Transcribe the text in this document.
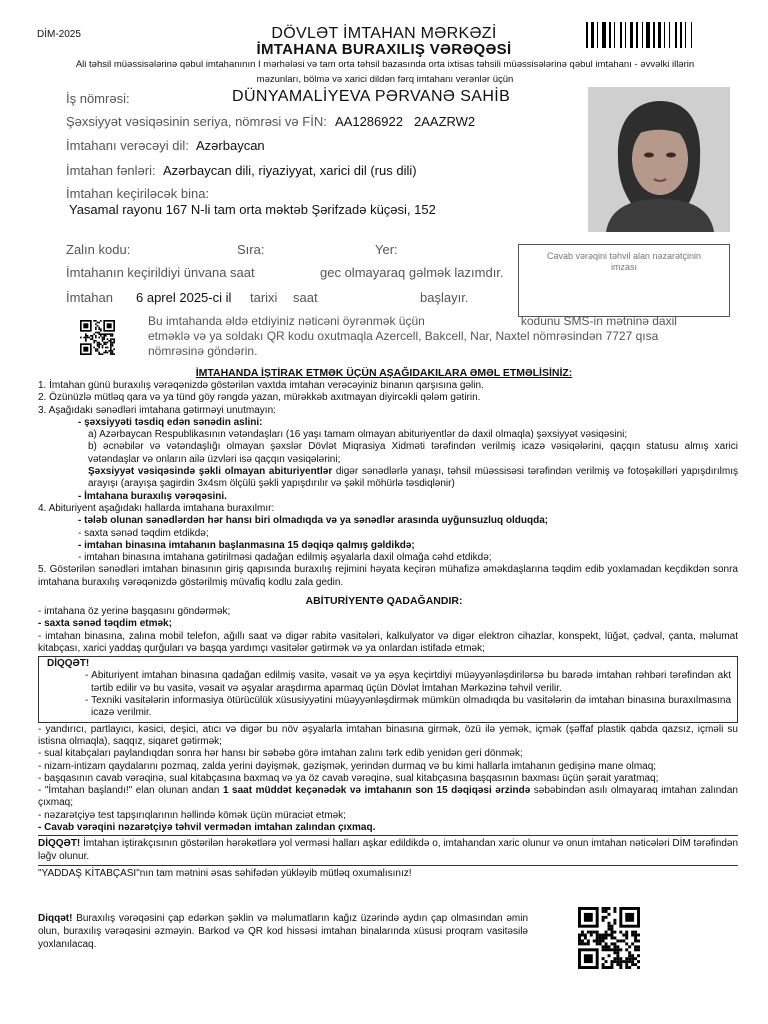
DİM-2025	DÖVLƏT İMTAHAN MƏRKƏZİ
İMTAHANA BURAXILIŞ VƏRƏQƏSİ
Ali təhsil müəssisələrinə qəbul imtahanının I mərhələsi və tam orta təhsil bazasında orta ixtisas təhsili müəssisələrinə qəbul imtahanı - əvvəlki illərin məzunları, bölmə və xarici dildən fərq imtahanı verənlər üçün
İş nömrəsi:	DÜNYAMALİYEVA PƏRVANƏ SAHİB
Şəxsiyyət vəsiqəsinin seriya, nömrəsi və FİN: AA1286922 2AAZRW2
İmtahanı verəcəyi dil: Azərbaycan
İmtahan fənləri: Azərbaycan dili, riyaziyyat, xarici dil (rus dili)
İmtahan keçiriləcək bina:
Yasamal rayonu 167 N-li tam orta məktəb Şərifzadə küçəsi, 152
Zalın kodu:	Sıra:	Yer:	Cavab vərəqini təhvil alan nəzarətçinin imzası
İmtahanın keçirildiyi ünvana saat	gec olmayaraq gəlmək lazımdır.
İmtahan 6 aprel 2025-ci il tarixi saat	başlayır.
Bu imtahanda əldə etdiyiniz nəticəni öyrənmək üçün	kodunu SMS-in mətninə daxil
etməklə və ya soldakı QR kodu oxutmaqla Azercell, Bakcell, Nar, Naxtel nömrəsindən 7727 qısa
nömrəsinə göndərin.
İMTAHANDA İŞTİRAK ETMƏK ÜÇÜN AŞAĞIDAKILARA ƏMƏL ETMƏLİSİNİZ:

1. İmtahan günü buraxılış vərəqənizdə göstərilən vaxtda imtahan verəcəyiniz binanın qarşısına gəlin.

2. Özünüzlə mütləq qara və ya tünd göy rəngdə yazan, mürəkkəb axıtmayan diyircəkli qələm gətirin.

3. Aşağıdakı sənədləri imtahana gətirməyi unutmayın:

- şəxsiyyəti təsdiq edən sənədin aslini:

a) Azərbaycan Respublikasının vətəndaşları (16 yaşı tamam olmayan abituriyentlər də daxil olmaqla) şəxsiyyət vəsiqəsini;

b) əcnəbilər və vətəndaşlığı olmayan şəxslər Dövlət Miqrasiya Xidməti tərəfindən verilmiş icazə vəsiqələrini, qaçqın statusu almış xarici vətəndaşlar və onların ailə üzvləri isə qaçqın vəsiqələrini;

Şəxsiyyət vəsiqəsində şəkli olmayan abituriyentlər digər sənədlərlə yanaşı, təhsil müəssisəsi tərəfindən verilmiş və fotoşəkilləri yapışdırılmış arayışı (arayışa şagirdin 3x4sm ölçülü şəkli yapışdırılır və şəkil möhürlə təsdiqlənir)

- İmtahana buraxılış vərəqəsini.

4. Abituriyent aşağıdakı hallarda imtahana buraxılmır:

- tələb olunan sənədlərdən hər hansı biri olmadıqda və ya sənədlər arasında uyğunsuzluq olduqda;

- saxta sənəd təqdim etdikdə;

- imtahan binasına imtahanın başlanmasına 15 dəqiqə qalmış gəldikdə;

- imtahan binasına imtahana gətirilməsi qadağan edilmiş əşyalarla daxil olmağa cəhd etdikdə;

5. Göstərilən sənədləri imtahan binasının giriş qapısında buraxılış rejimini həyata keçirən mühafizə əməkdaşlarına təqdim edib yoxlamadan keçdikdən sonra imtahana buraxılış vərəqənizdə göstərilmiş müvafiq kodlu zala gedin.

ABİTURİYENTƏ QADAĞANDIR:

- imtahana öz yerinə başqasını göndərmək;

- saxta sənəd təqdim etmək;

- imtahan binasına, zalına mobil telefon, ağıllı saat və digər rabitə vasitələri, kalkulyator və digər elektron cihazlar, konspekt, lüğət, çədvəl, çanta, məlumat kitabçası, xarici yaddaş qurğuları və başqa yardımçı vasitələr gətirmək və ya onlardan istifadə etmək;

DİQQƏT!

- Abituriyent imtahan binasına qadağan edilmiş vasitə, vəsait və ya əşya keçirtdiyi müəyyənləşdirilərsə bu barədə imtahan rəhbəri tərəfindən akt tərtib edilir və bu vasitə, vəsait və əşyalar araşdırma aparmaq üçün Dövlət İmtahan Mərkəzinə təhvil verilir.

- Texniki vasitələrin informasiya ötürücülük xüsusiyyətini müəyyənləşdirmək mümkün olmadıqda bu vasitələrin də imtahan binasına buraxılmasına icazə verilmir.

- yandırıcı, partlayıcı, kəsici, deşici, atıcı və digər bu növ əşyalarla imtahan binasına girmək, özü ilə yemək, içmək (şəffaf plastik qabda qazsız, içməli su istisna olmaqla), saqqız, siqaret gətirmək;

- sual kitabçaları paylandıqdan sonra hər hansı bir səbəbə görə imtahan zalını tərk edib yenidən geri dönmək;

- nizam-intizam qaydalarını pozmaq, zalda yerini dəyişmək, gəzişmək, yerindən durmaq və bu kimi hallarla imtahanın gedişinə mane olmaq;

- başqasının cavab vərəqinə, sual kitabçasına baxmaq və ya öz cavab vərəqinə, sual kitabçasına başqasının baxması üçün şərait yaratmaq;

- "İmtahan başlandı!" elan olunan andan 1 saat müddət keçənədək və imtahanın son 15 dəqiqəsi ərzində səbəbindən asılı olmayaraq imtahan zalından çıxmaq;

- nəzarətçiyə test tapşırıqlarının həllində kömək üçün müraciət etmək;

- Cavab vərəqini nəzarətçiyə təhvil vermədən imtahan zalından çıxmaq.

DİQQƏT! İmtahan iştirakçısının göstərilən hərəkətlərə yol verməsi halları aşkar edildikdə o, imtahandan xaric olunur və onun imtahan nəticələri DİM tərəfindən ləğv olunur.

"YADDAŞ KİTABÇASI"nın tam mətnini əsas səhifədən yükləyib mütləq oxumalısınız!

Diqqət! Buraxılış vərəqəsini çap edərkən şəklin və məlumatların kağız üzərində aydın çap olmasından əmin olun, buraxılış vərəqəsini əzməyin. Barkod və QR kod hissəsi imtahan binalarında xüsusi proqram vasitəsilə yoxlanılacaq.
